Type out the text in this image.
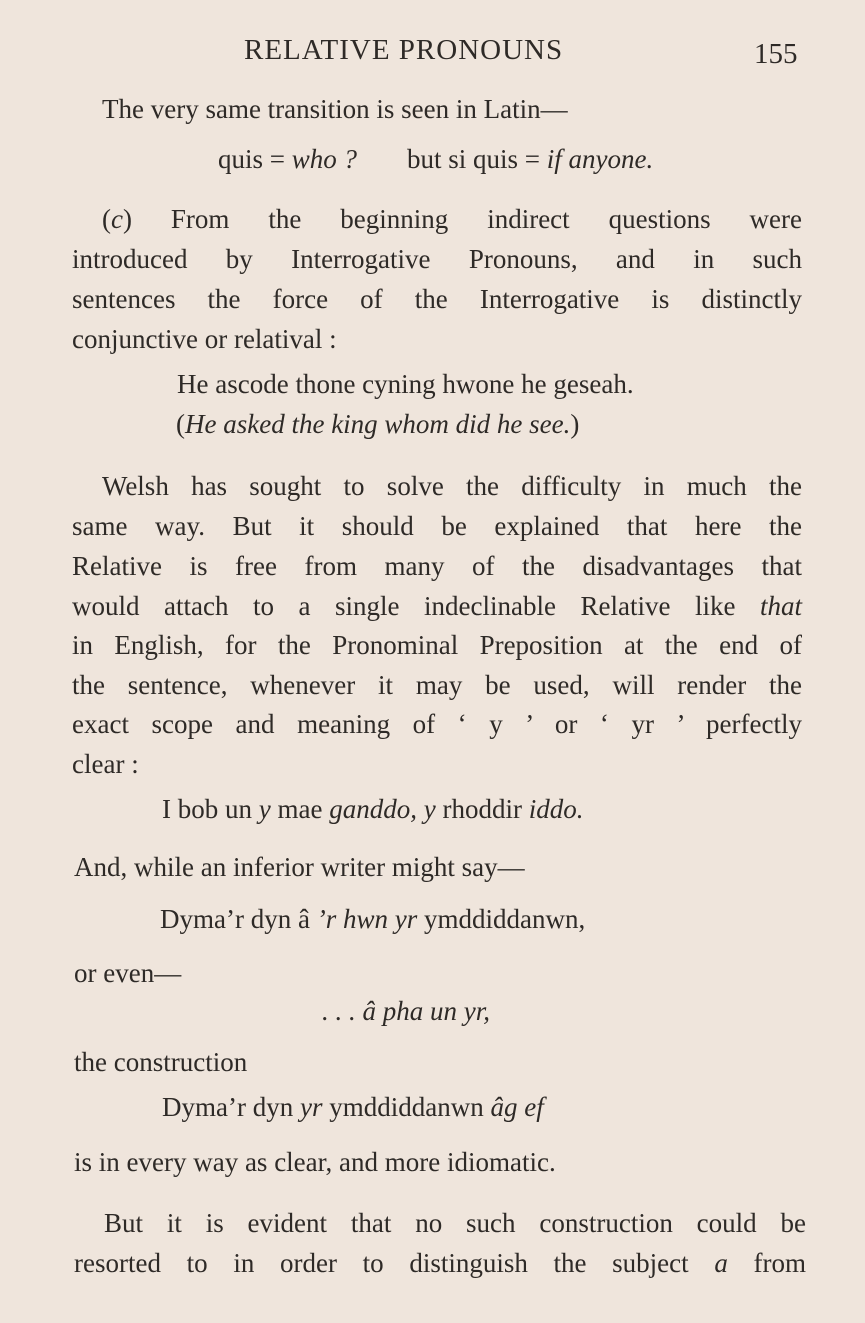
RELATIVE PRONOUNS	155
The very same transition is seen in Latin—
quis = who ? but si quis = if anyone.
(c) From the beginning indirect questions were
introduced by Interrogative Pronouns, and in such
sentences the force of the Interrogative is distinctly
conjunctive or relatival :
He ascode thone cyning hwone he geseah.
(He asked the king whom did he see.)
Welsh has sought to solve the difficulty in much the
same way. But it should be explained that here the
Relative is free from many of the disadvantages that
would attach to a single indeclinable Relative like that
in English, for the Pronominal Preposition at the end of
the sentence, whenever it may be used, will render the
exact scope and meaning of ‘ y ’ or ‘ yr ’ perfectly
clear :
I bob un y mae ganddo, y rhoddir iddo.
And, while an inferior writer might say—
Dyma’r dyn â ’r hwn yr ymddiddanwn,
or even—
. . . â pha un yr,
the construction
Dyma’r dyn yr ymddiddanwn âg ef
is in every way as clear, and more idiomatic.
But it is evident that no such construction could be
resorted to in order to distinguish the subject a from
